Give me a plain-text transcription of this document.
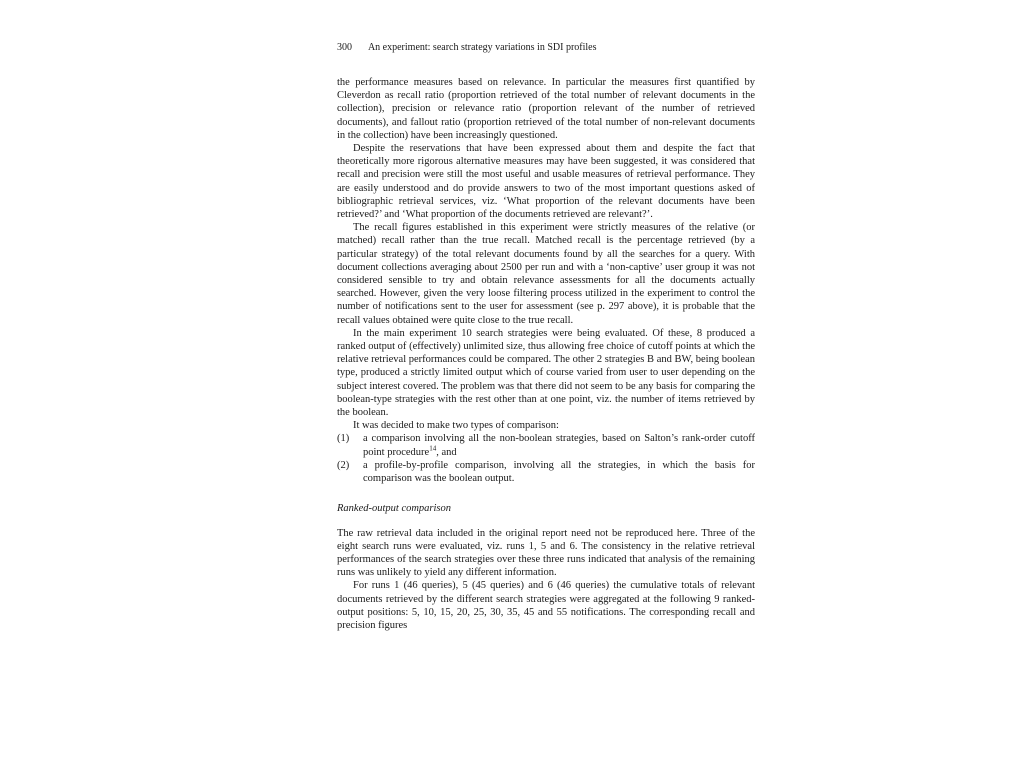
300 An experiment: search strategy variations in SDI profiles

the performance measures based on relevance. In particular the measures first quantified by Cleverdon as recall ratio (proportion retrieved of the total number of relevant documents in the collection), precision or relevance ratio (proportion relevant of the number of retrieved documents), and fallout ratio (proportion retrieved of the total number of non-relevant documents in the collection) have been increasingly questioned.

Despite the reservations that have been expressed about them and despite the fact that theoretically more rigorous alternative measures may have been suggested, it was considered that recall and precision were still the most useful and usable measures of retrieval performance. They are easily understood and do provide answers to two of the most important questions asked of bibliographic retrieval services, viz. ‘What proportion of the relevant documents have been retrieved?’ and ‘What proportion of the documents retrieved are relevant?’.

The recall figures established in this experiment were strictly measures of the relative (or matched) recall rather than the true recall. Matched recall is the percentage retrieved (by a particular strategy) of the total relevant documents found by all the searches for a query. With document collections averaging about 2500 per run and with a ‘non-captive’ user group it was not considered sensible to try and obtain relevance assessments for all the documents actually searched. However, given the very loose filtering process utilized in the experiment to control the number of notifications sent to the user for assessment (see p. 297 above), it is probable that the recall values obtained were quite close to the true recall.

In the main experiment 10 search strategies were being evaluated. Of these, 8 produced a ranked output of (effectively) unlimited size, thus allowing free choice of cutoff points at which the relative retrieval performances could be compared. The other 2 strategies B and BW, being boolean type, produced a strictly limited output which of course varied from user to user depending on the subject interest covered. The problem was that there did not seem to be any basis for comparing the boolean-type strategies with the rest other than at one point, viz. the number of items retrieved by the boolean.

It was decided to make two types of comparison:

(1) a comparison involving all the non-boolean strategies, based on Salton’s rank-order cutoff point procedure$^{14}$, and
(2) a profile-by-profile comparison, involving all the strategies, in which the basis for comparison was the boolean output.
Ranked-output comparison

The raw retrieval data included in the original report need not be reproduced here. Three of the eight search runs were evaluated, viz. runs 1, 5 and 6. The consistency in the relative retrieval performances of the search strategies over these three runs indicated that analysis of the remaining runs was unlikely to yield any different information.

For runs 1 (46 queries), 5 (45 queries) and 6 (46 queries) the cumulative totals of relevant documents retrieved by the different search strategies were aggregated at the following 9 ranked-output positions: 5, 10, 15, 20, 25, 30, 35, 45 and 55 notifications. The corresponding recall and precision figures
